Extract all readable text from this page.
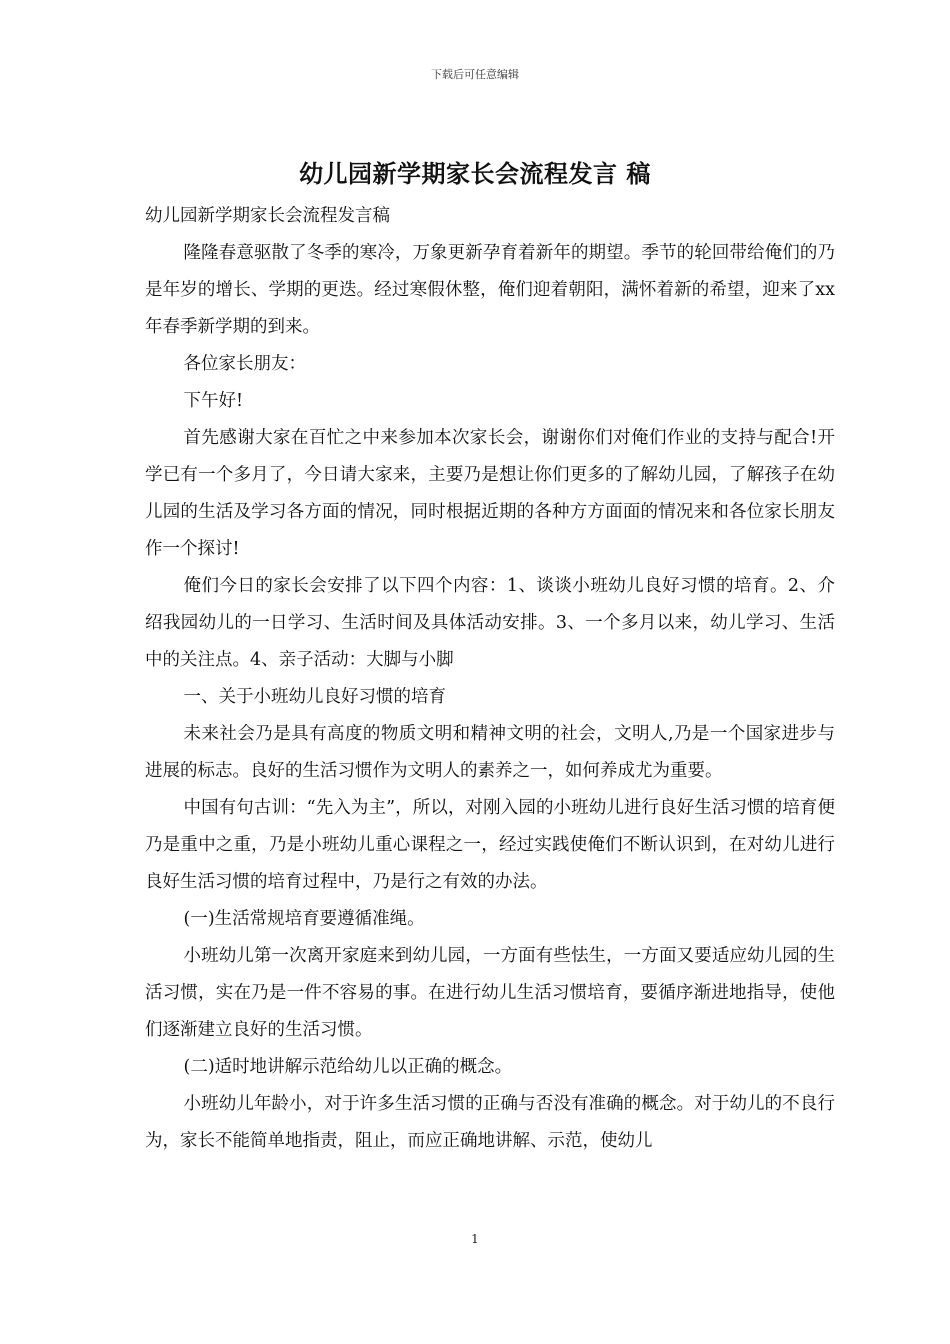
下载后可任意编辑
幼儿园新学期家长会流程发言 稿

幼儿园新学期家长会流程发言稿

隆隆春意驱散了冬季的寒冷，万象更新孕育着新年的期望。季节的轮回带给俺们的乃是年岁的增长、学期的更迭。经过寒假休整，俺们迎着朝阳，满怀着新的希望，迎来了xx年春季新学期的到来。

各位家长朋友：

下午好!

首先感谢大家在百忙之中来参加本次家长会，谢谢你们对俺们作业的支持与配合!开学已有一个多月了，今日请大家来，主要乃是想让你们更多的了解幼儿园，了解孩子在幼儿园的生活及学习各方面的情况，同时根据近期的各种方方面面的情况来和各位家长朋友作一个探讨!

俺们今日的家长会安排了以下四个内容：1、谈谈小班幼儿良好习惯的培育。2、介绍我园幼儿的一日学习、生活时间及具体活动安排。3、一个多月以来，幼儿学习、生活中的关注点。4、亲子活动：大脚与小脚

一、关于小班幼儿良好习惯的培育

未来社会乃是具有高度的物质文明和精神文明的社会，文明人,乃是一个国家进步与进展的标志。良好的生活习惯作为文明人的素养之一，如何养成尤为重要。

中国有句古训：“先入为主”，所以，对刚入园的小班幼儿进行良好生活习惯的培育便乃是重中之重，乃是小班幼儿重心课程之一，经过实践使俺们不断认识到，在对幼儿进行良好生活习惯的培育过程中，乃是行之有效的办法。

(一)生活常规培育要遵循准绳。

小班幼儿第一次离开家庭来到幼儿园，一方面有些怯生，一方面又要适应幼儿园的生活习惯，实在乃是一件不容易的事。在进行幼儿生活习惯培育，要循序渐进地指导，使他们逐渐建立良好的生活习惯。

(二)适时地讲解示范给幼儿以正确的概念。

小班幼儿年龄小，对于许多生活习惯的正确与否没有准确的概念。对于幼儿的不良行为，家长不能简单地指责，阻止，而应正确地讲解、示范，使幼儿

1
